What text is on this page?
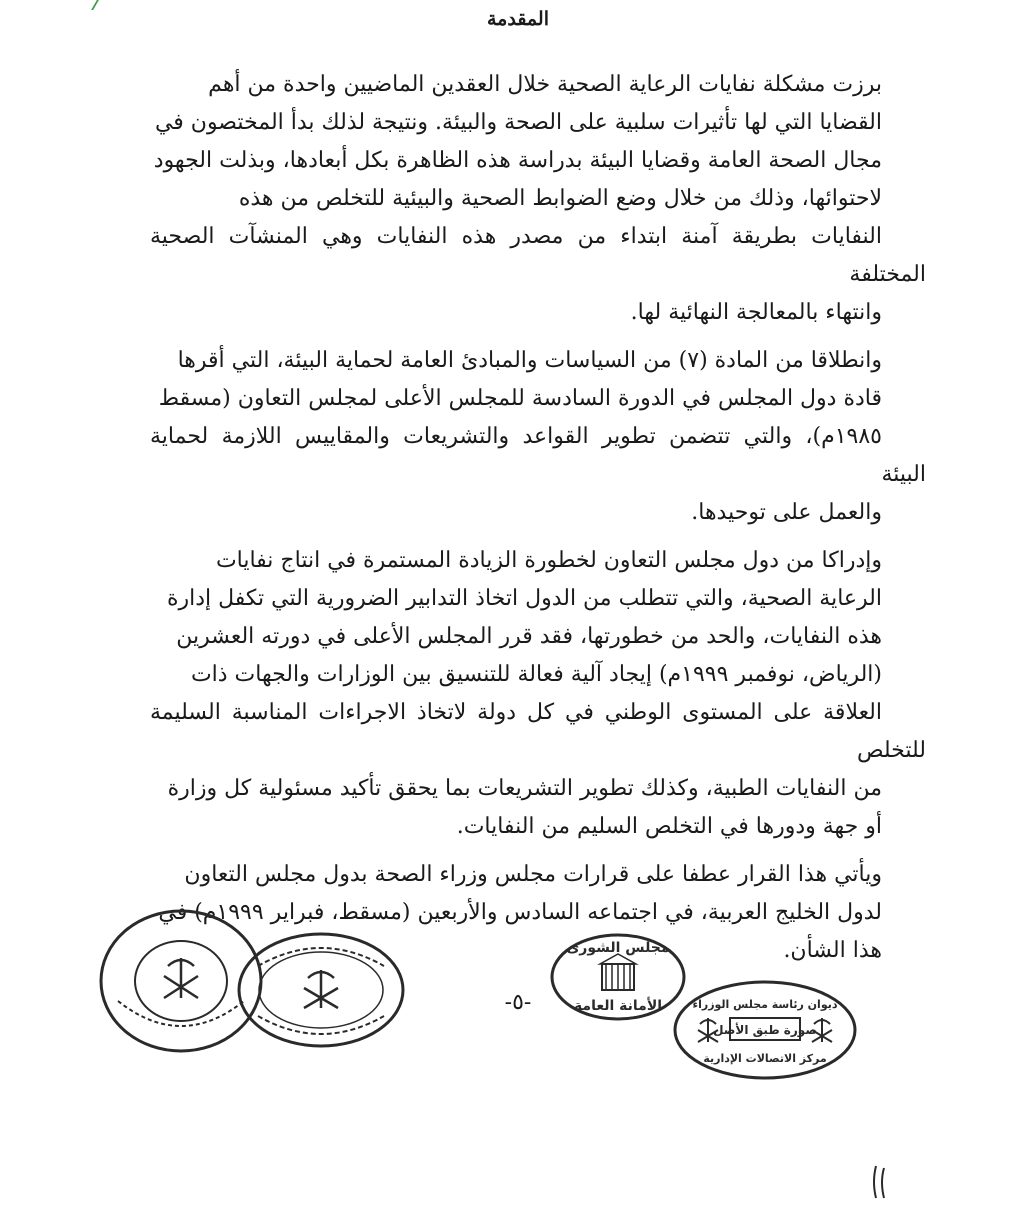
المقدمة

برزت مشكلة نفايات الرعاية الصحية خلال العقدين الماضيين واحدة من أهم
القضايا التي لها تأثيرات سلبية على الصحة والبيئة. ونتيجة لذلك بدأ المختصون في
مجال الصحة العامة وقضايا البيئة بدراسة هذه الظاهرة بكل أبعادها، وبذلت الجهود
لاحتوائها، وذلك من خلال وضع الضوابط الصحية والبيئية للتخلص من هذه
النفايات بطريقة آمنة ابتداء من مصدر هذه النفايات وهي المنشآت الصحية المختلفة
وانتهاء بالمعالجة النهائية لها.

وانطلاقا من المادة (٧) من السياسات والمبادئ العامة لحماية البيئة، التي أقرها
قادة دول المجلس في الدورة السادسة للمجلس الأعلى لمجلس التعاون (مسقط
١٩٨٥م)، والتي تتضمن تطوير القواعد والتشريعات والمقاييس اللازمة لحماية البيئة
والعمل على توحيدها.

وإدراكا من دول مجلس التعاون لخطورة الزيادة المستمرة في انتاج نفايات
الرعاية الصحية، والتي تتطلب من الدول اتخاذ التدابير الضرورية التي تكفل إدارة
هذه النفايات، والحد من خطورتها، فقد قرر المجلس الأعلى في دورته العشرين
(الرياض، نوفمبر ١٩٩٩م) إيجاد آلية فعالة للتنسيق بين الوزارات والجهات ذات
العلاقة على المستوى الوطني في كل دولة لاتخاذ الاجراءات المناسبة السليمة للتخلص
من النفايات الطبية، وكذلك تطوير التشريعات بما يحقق تأكيد مسئولية كل وزارة
أو جهة ودورها في التخلص السليم من النفايات.

ويأتي هذا القرار عطفا على قرارات مجلس وزراء الصحة بدول مجلس التعاون
لدول الخليج العربية، في اجتماعه السادس والأربعين (مسقط، فبراير ١٩٩٩م) في
هذا الشأن.

-٥-
مجلس الشورى
الأمانة العامة	ديوان رئاسة مجلس الوزراء
صورة طبق الأصل
مركز الاتصالات الإدارية
